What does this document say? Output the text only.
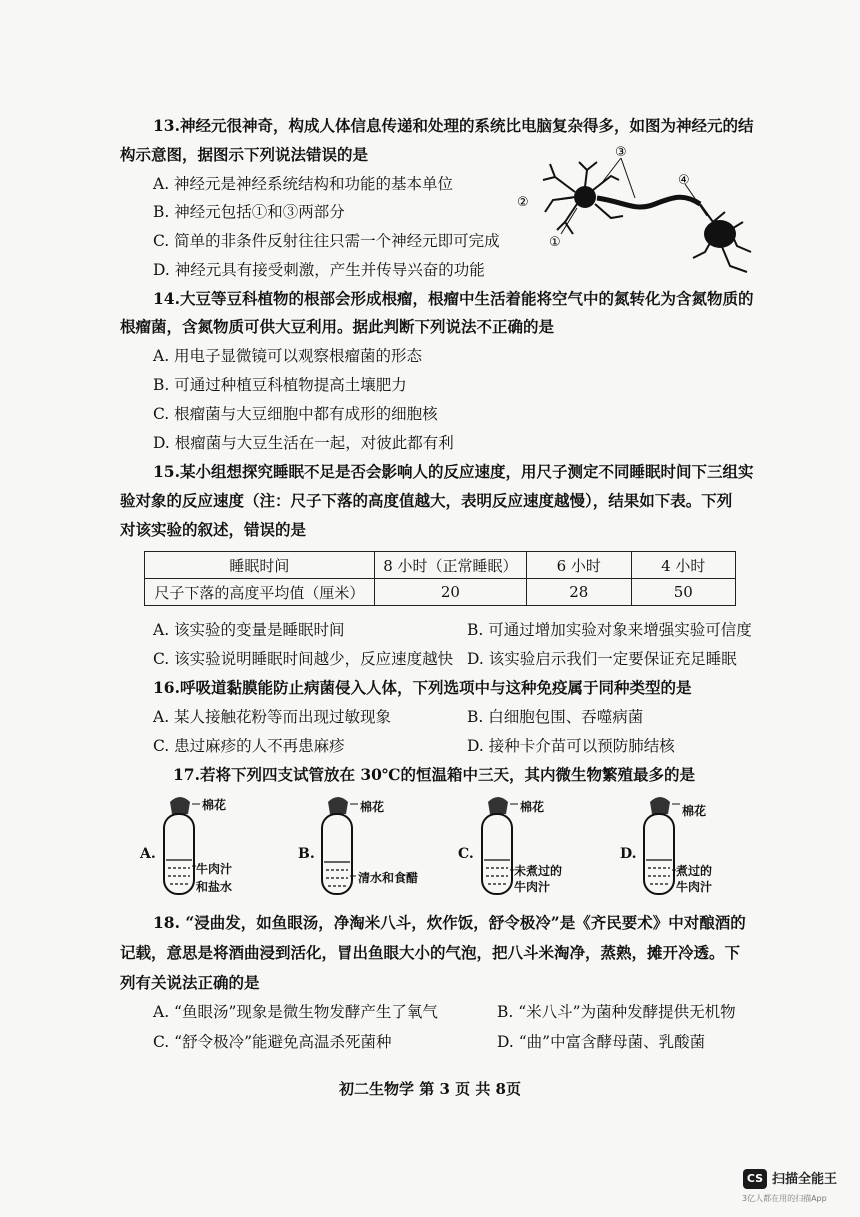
13.神经元很神奇，构成人体信息传递和处理的系统比电脑复杂得多，如图为神经元的结
构示意图，据图示下列说法错误的是
A. 神经元是神经系统结构和功能的基本单位
B. 神经元包括①和③两部分
C. 简单的非条件反射往往只需一个神经元即可完成
D. 神经元具有接受刺激，产生并传导兴奋的功能
③
④
②
①
14.大豆等豆科植物的根部会形成根瘤，根瘤中生活着能将空气中的氮转化为含氮物质的
根瘤菌，含氮物质可供大豆利用。据此判断下列说法不正确的是
A. 用电子显微镜可以观察根瘤菌的形态
B. 可通过种植豆科植物提高土壤肥力
C. 根瘤菌与大豆细胞中都有成形的细胞核
D. 根瘤菌与大豆生活在一起，对彼此都有利
15.某小组想探究睡眠不足是否会影响人的反应速度，用尺子测定不同睡眠时间下三组实
验对象的反应速度（注：尺子下落的高度值越大，表明反应速度越慢），结果如下表。下列
对该实验的叙述，错误的是
睡眠时间	8 小时（正常睡眠）	6 小时	4 小时
尺子下落的高度平均值（厘米）	20	28	50
A. 该实验的变量是睡眠时间	B. 可通过增加实验对象来增强实验可信度
C. 该实验说明睡眠时间越少，反应速度越快 D. 该实验启示我们一定要保证充足睡眠
16.呼吸道黏膜能防止病菌侵入人体，下列选项中与这种免疫属于同种类型的是
A. 某人接触花粉等而出现过敏现象	B. 白细胞包围、吞噬病菌
C. 患过麻疹的人不再患麻疹	D. 接种卡介苗可以预防肺结核
17.若将下列四支试管放在 30℃的恒温箱中三天，其内微生物繁殖最多的是
A.
棉花
牛肉汁
和盐水
B.
棉花
清水和食醋
C.
棉花
未煮过的
牛肉汁
D.
棉花
煮过的
牛肉汁
18. “浸曲发，如鱼眼汤，净淘米八斗，炊作饭，舒令极冷”是《齐民要术》中对酿酒的
记载，意思是将酒曲浸到活化，冒出鱼眼大小的气泡，把八斗米淘净，蒸熟，摊开冷透。下
列有关说法正确的是
A. “鱼眼汤”现象是微生物发酵产生了氧气	B. “米八斗”为菌种发酵提供无机物
C. “舒令极冷”能避免高温杀死菌种	D. “曲”中富含酵母菌、乳酸菌
初二生物学 第 3 页 共 8页
CS 扫描全能王
3亿人都在用的扫描App
